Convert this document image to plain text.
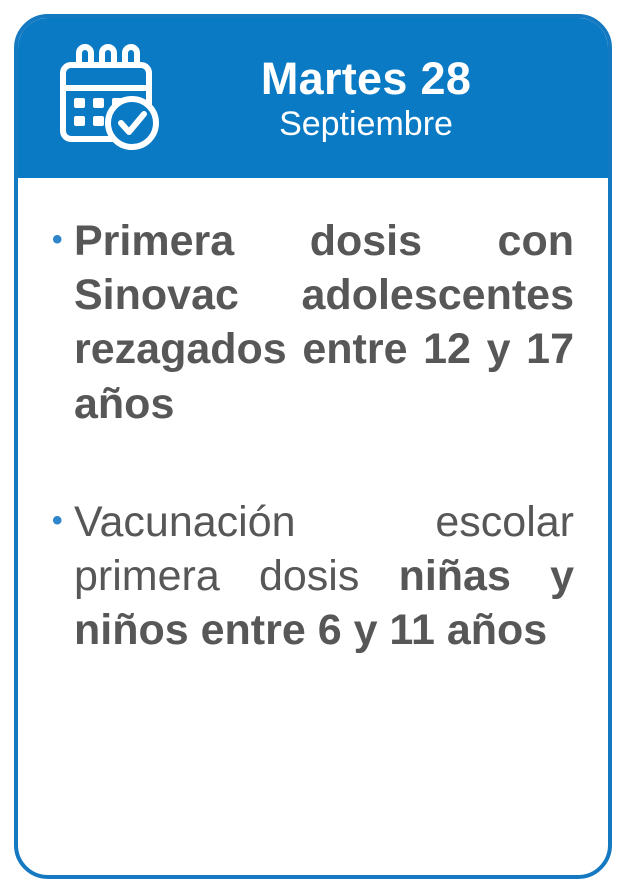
Martes 28
Septiembre
• Primera dosis con Sinovac adolescentes rezagados entre 12 y 17 años
• Vacunación escolar primera dosis niñas y niños entre 6 y 11 años
